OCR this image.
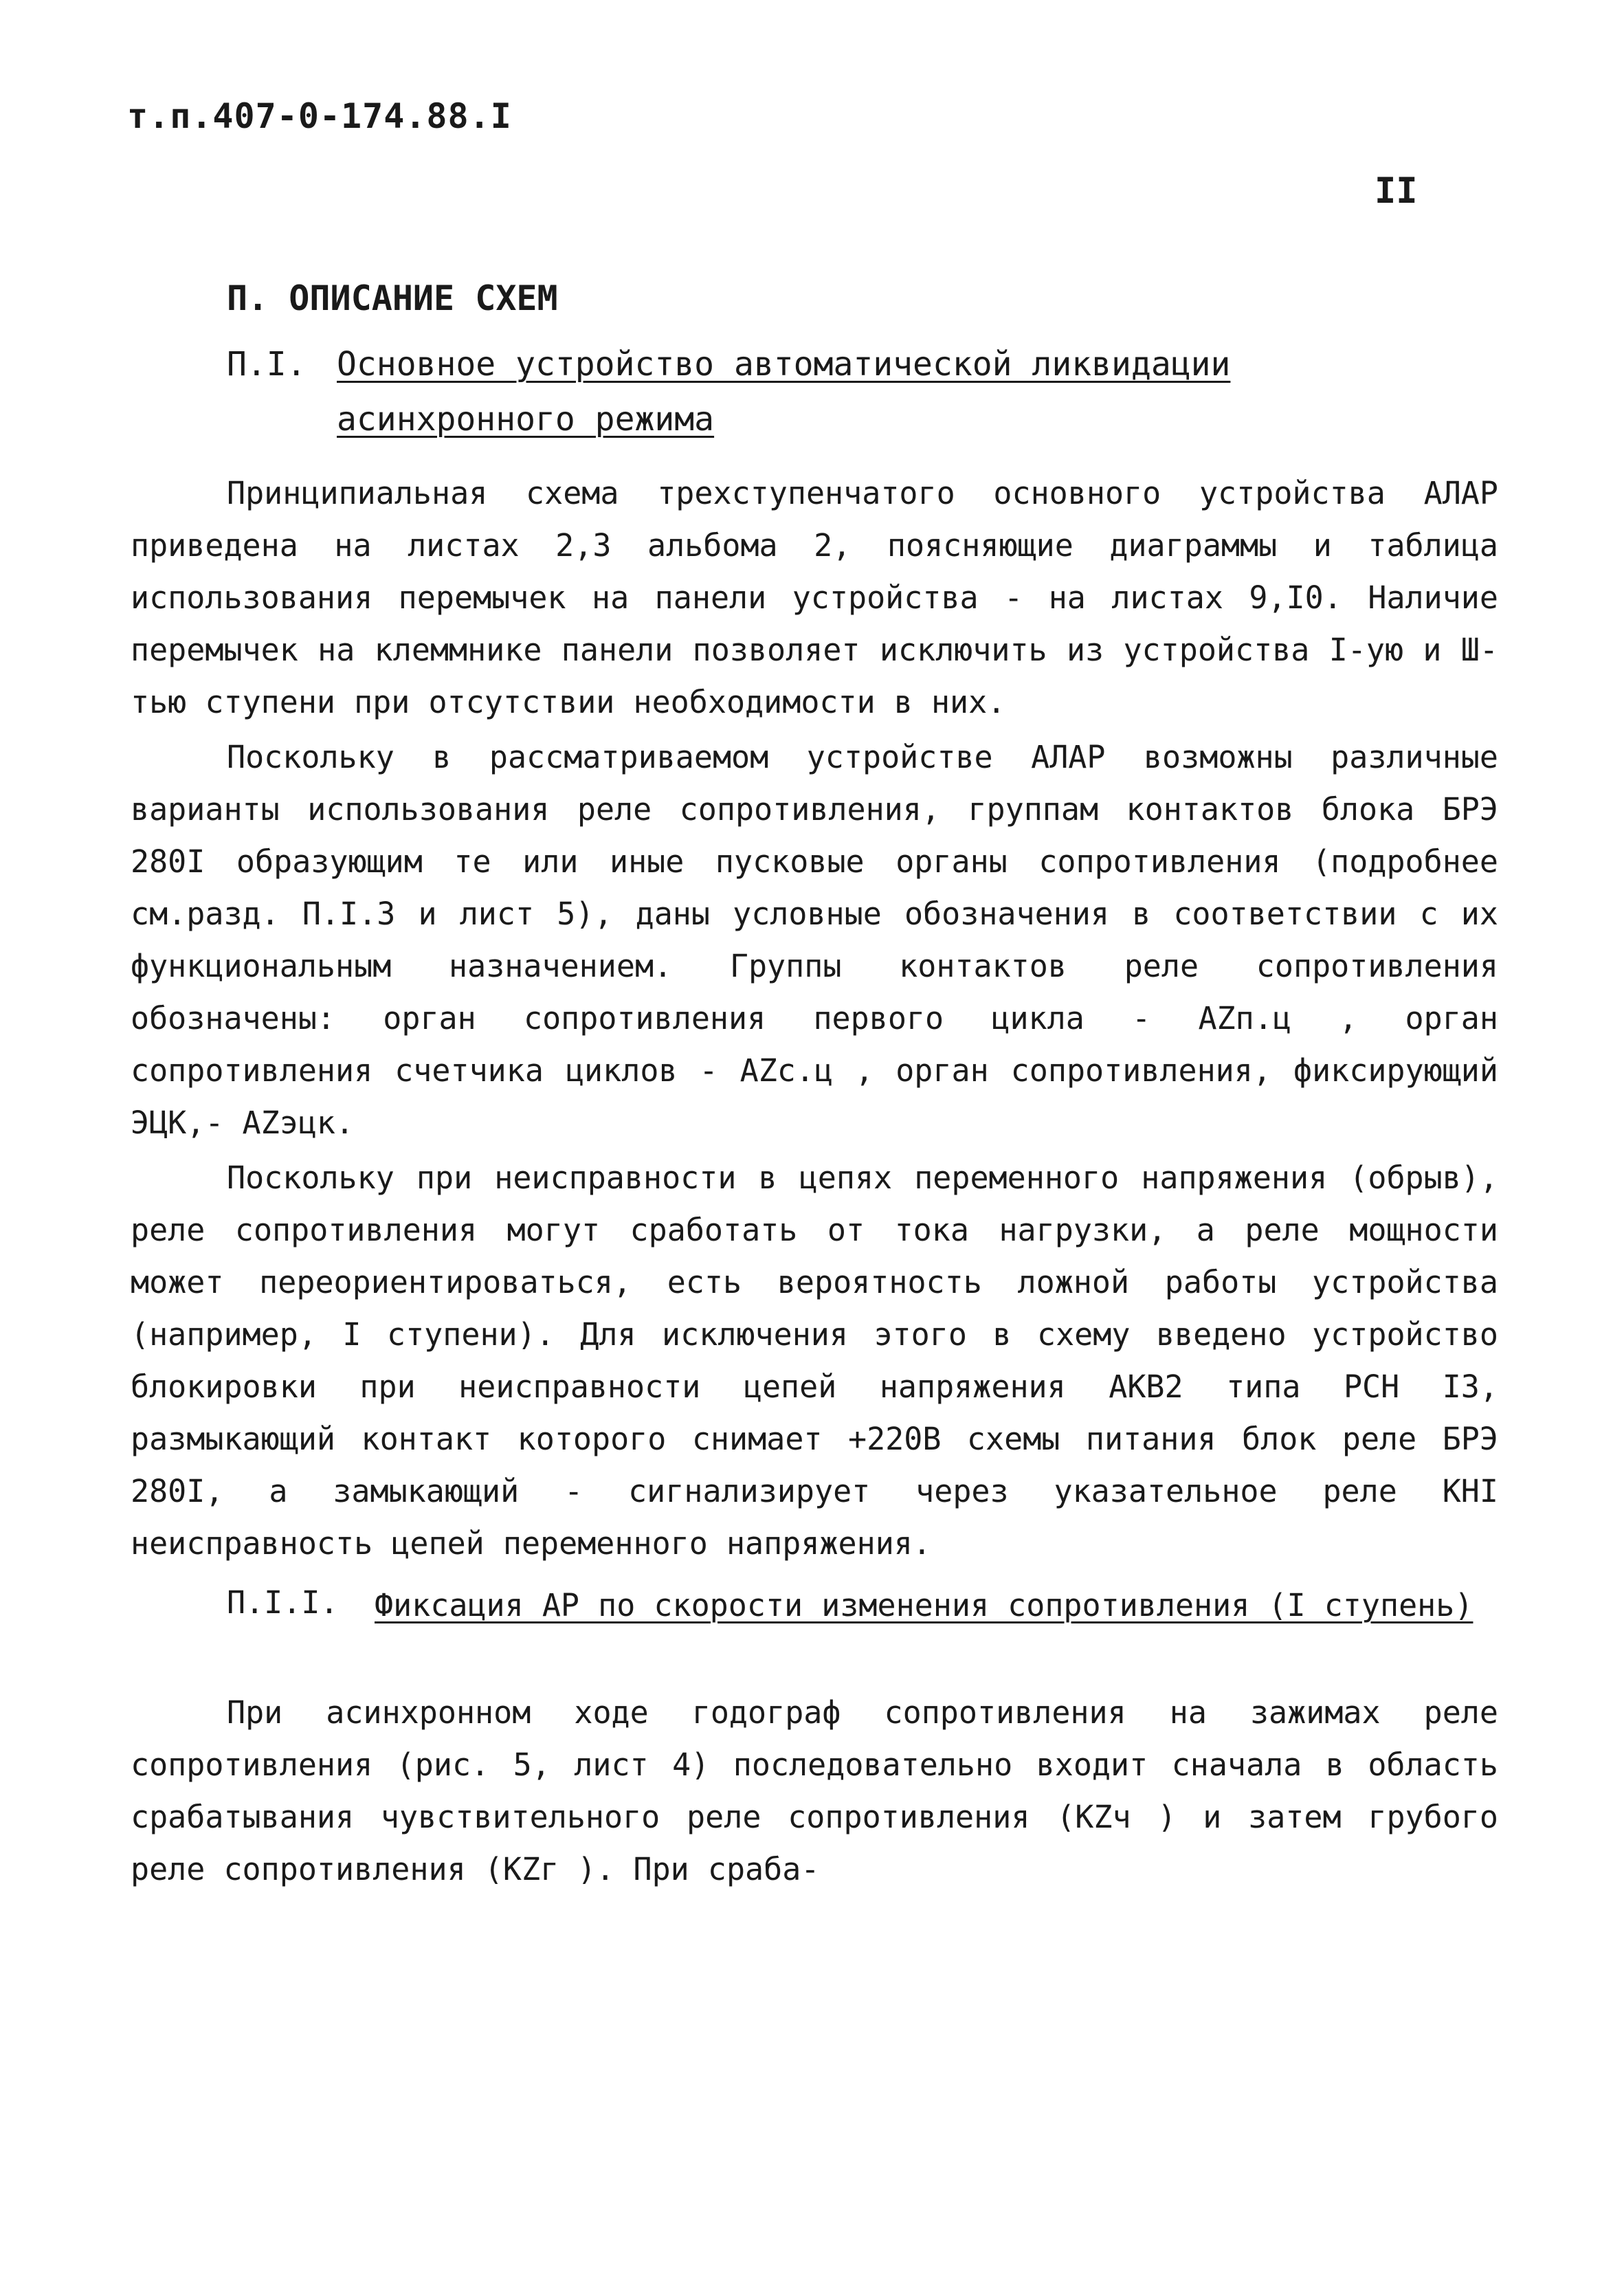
т.п.407-0-174.88.I
II
П. ОПИСАНИЕ СХЕМ
П.I. Основное устройство автоматической ликвидации асинхронного режима

Принципиальная схема трехступенчатого основного устройства АЛАР приведена на листах 2,3 альбома 2, поясняющие диаграммы и таблица использования перемычек на панели устройства - на листах 9,I0. Наличие перемычек на клеммнике панели позволяет исключить из устройства I-ую и Ш-тью ступени при отсутствии необходимости в них.

Поскольку в рассматриваемом устройстве АЛАР возможны различные варианты использования реле сопротивления, группам контактов блока БРЭ 280I образующим те или иные пусковые органы сопротивления (подробнее см.разд. П.I.3 и лист 5), даны условные обозначения в соответствии с их функциональным назначением. Группы контактов реле сопротивления обозначены: орган сопротивления первого цикла - AZп.ц , орган сопротивления счетчика циклов - AZс.ц , орган сопротивления, фиксирующий ЭЦК,- AZэцк.

Поскольку при неисправности в цепях переменного напряжения (обрыв), реле сопротивления могут сработать от тока нагрузки, а реле мощности может переориентироваться, есть вероятность ложной работы устройства (например, I ступени). Для исключения этого в схему введено устройство блокировки при неисправности цепей напряжения АКВ2 типа РСН I3, размыкающий контакт которого снимает +220В схемы питания блок реле БРЭ 280I, а замыкающий - сигнализирует через указательное реле КНI неисправность цепей переменного напряжения.

П.I.I. Фиксация АР по скорости изменения сопротивления (I ступень)

При асинхронном ходе годограф сопротивления на зажимах реле сопротивления (рис. 5, лист 4) последовательно входит сначала в область срабатывания чувствительного реле сопротивления (KZч ) и затем грубого реле сопротивления (KZг ). При сраба-
